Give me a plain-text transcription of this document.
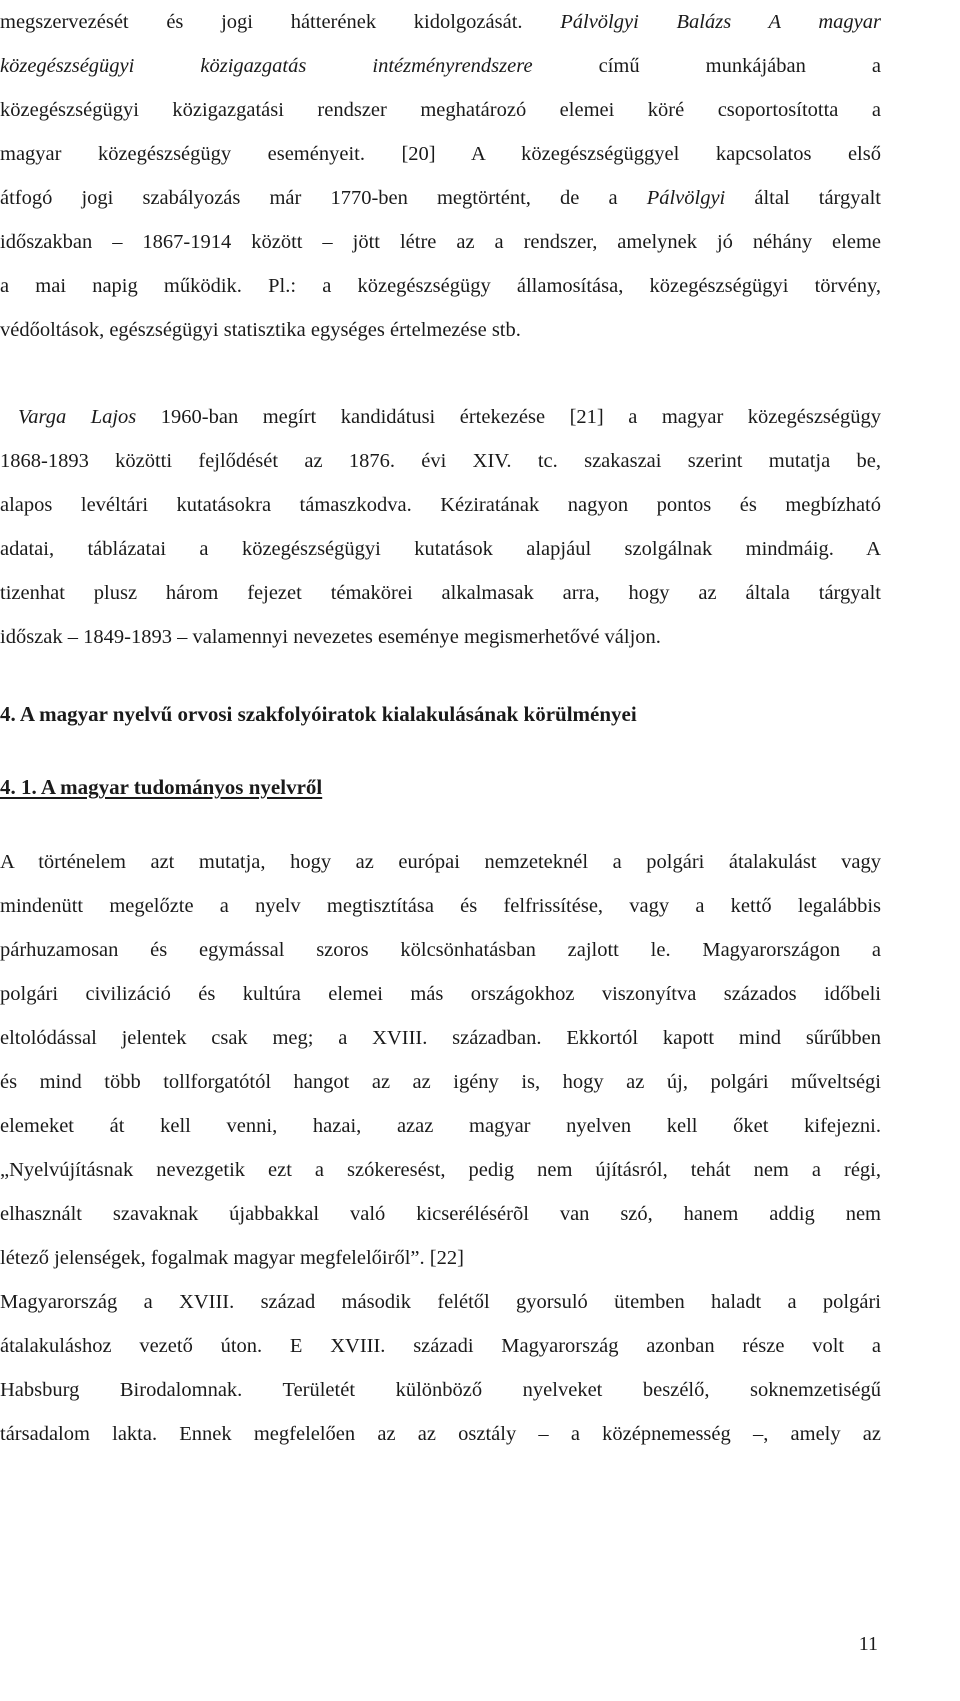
megszervezését és jogi hátterének kidolgozását. Pálvölgyi Balázs A magyar
közegészségügyi közigazgatás intézményrendszere	című munkájában a
közegészségügyi közigazgatási rendszer meghatározó elemei köré csoportosította a
magyar közegészségügy eseményeit. [20] A közegészségüggyel kapcsolatos első
átfogó jogi szabályozás már 1770-ben megtörtént, de a Pálvölgyi által tárgyalt
időszakban – 1867-1914 között – jött létre az a rendszer, amelynek jó néhány eleme
a mai napig működik. Pl.: a közegészségügy államosítása, közegészségügyi törvény,
védőoltások, egészségügyi statisztika egységes értelmezése stb.
Varga Lajos 1960-ban megírt kandidátusi értekezése [21] a magyar közegészségügy
1868-1893 közötti fejlődését az 1876. évi XIV. tc. szakaszai szerint mutatja be,
alapos levéltári kutatásokra támaszkodva. Kéziratának nagyon pontos és megbízható
adatai, táblázatai a közegészségügyi kutatások alapjául szolgálnak mindmáig. A
tizenhat plusz három fejezet témakörei alkalmasak arra, hogy az általa tárgyalt
időszak – 1849-1893 – valamennyi nevezetes eseménye megismerhetővé váljon.
4. A magyar nyelvű orvosi szakfolyóiratok kialakulásának körülményei
4. 1. A magyar tudományos nyelvről
A történelem azt mutatja, hogy az európai nemzeteknél a polgári átalakulást vagy
mindenütt megelőzte a nyelv megtisztítása és felfrissítése, vagy a kettő legalábbis
párhuzamosan és egymással szoros kölcsönhatásban zajlott le. Magyarországon a
polgári civilizáció és kultúra elemei más országokhoz viszonyítva százados időbeli
eltolódással jelentek csak meg; a XVIII. században. Ekkortól kapott mind sűrűbben
és mind több tollforgatótól hangot az az igény is, hogy az új, polgári műveltségi
elemeket át kell venni, hazai, azaz magyar nyelven kell őket kifejezni.
„Nyelvújításnak nevezgetik ezt a szókeresést, pedig nem újításról, tehát nem a régi,
elhasznált szavaknak újabbakkal való kicserélésérõl van szó, hanem addig nem
létező jelenségek, fogalmak magyar megfelelőiről”. [22]
Magyarország a XVIII. század második felétől gyorsuló ütemben haladt a polgári
átalakuláshoz vezető úton. E XVIII. századi Magyarország azonban része volt a
Habsburg Birodalomnak. Területét különböző nyelveket beszélő, soknemzetiségű
társadalom lakta. Ennek megfelelően az az osztály – a középnemesség –, amely az
11
